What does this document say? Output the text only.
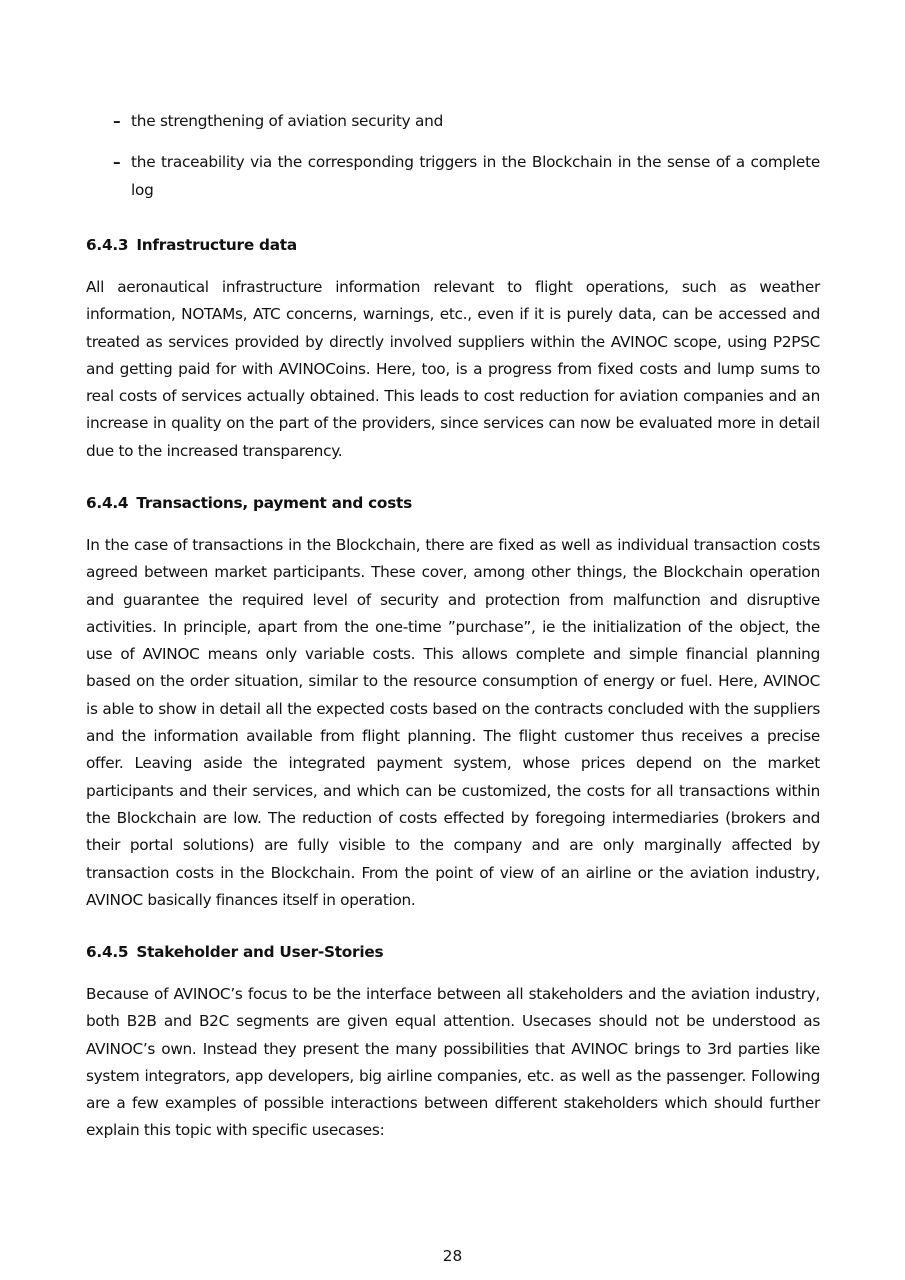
– the strengthening of aviation security and
– the traceability via the corresponding triggers in the Blockchain in the sense of a complete log
6.4.3 Infrastructure data

All aeronautical infrastructure information relevant to flight operations, such as weather information, NOTAMs, ATC concerns, warnings, etc., even if it is purely data, can be accessed and treated as services provided by directly involved suppliers within the AVINOC scope, using P2PSC and getting paid for with AVINOCoins. Here, too, is a progress from fixed costs and lump sums to real costs of services actually obtained. This leads to cost reduction for aviation companies and an increase in quality on the part of the providers, since services can now be evaluated more in detail due to the increased transparency.

6.4.4 Transactions, payment and costs

In the case of transactions in the Blockchain, there are fixed as well as individual transaction costs agreed between market participants. These cover, among other things, the Blockchain operation and guarantee the required level of security and protection from malfunction and disruptive activities. In principle, apart from the one-time ”purchase”, ie the initialization of the object, the use of AVINOC means only variable costs. This allows complete and simple financial planning based on the order situation, similar to the resource consumption of energy or fuel. Here, AVINOC is able to show in detail all the expected costs based on the contracts concluded with the suppliers and the information available from flight planning. The flight customer thus receives a precise offer. Leaving aside the integrated payment system, whose prices depend on the market participants and their services, and which can be customized, the costs for all transactions within the Blockchain are low. The reduction of costs effected by foregoing intermediaries (brokers and their portal solutions) are fully visible to the company and are only marginally affected by transaction costs in the Blockchain. From the point of view of an airline or the aviation industry, AVINOC basically finances itself in operation.

6.4.5 Stakeholder and User-Stories

Because of AVINOC’s focus to be the interface between all stakeholders and the aviation industry, both B2B and B2C segments are given equal attention. Usecases should not be understood as AVINOC’s own. Instead they present the many possibilities that AVINOC brings to 3rd parties like system integrators, app developers, big airline companies, etc. as well as the passenger. Following are a few examples of possible interactions between different stakeholders which should further explain this topic with specific usecases:

28
